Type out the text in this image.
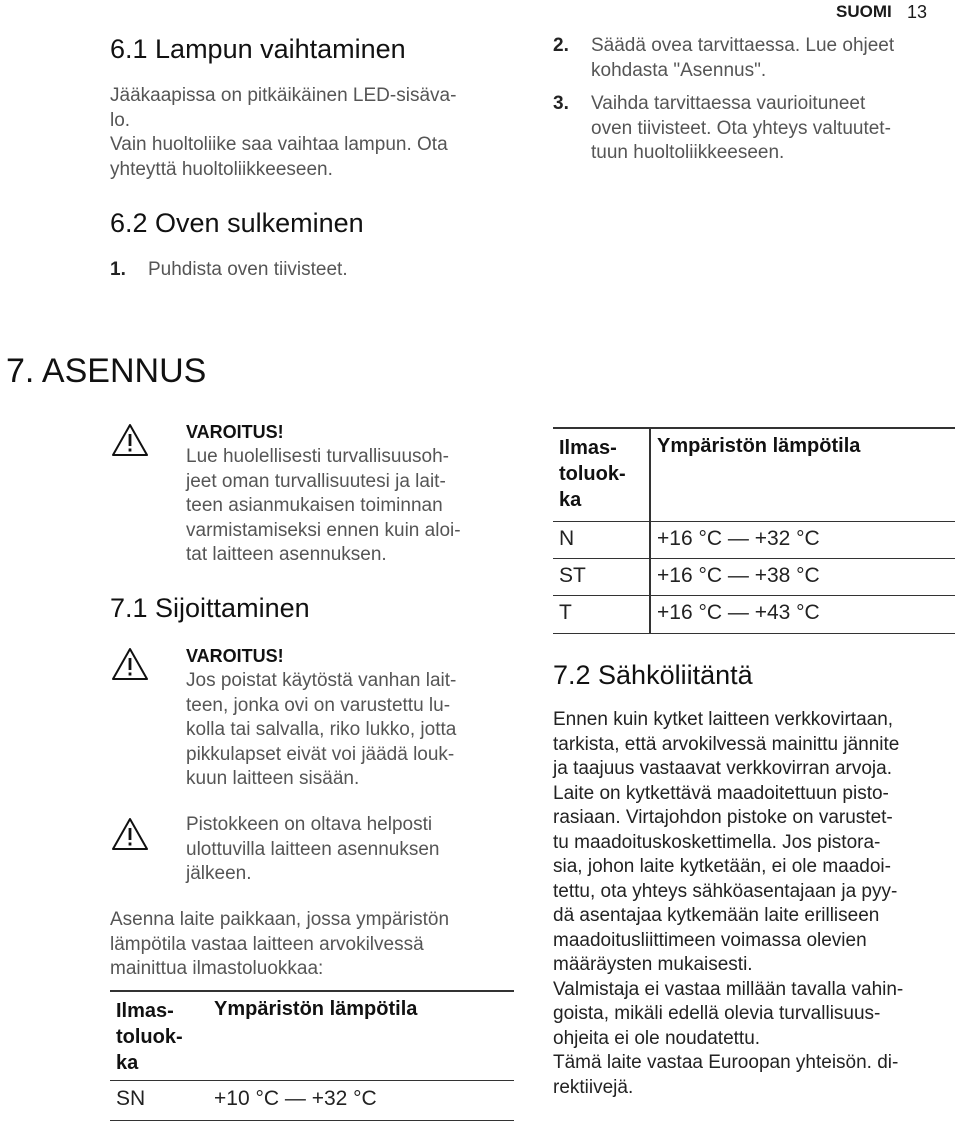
SUOMI 13
6.1 Lampun vaihtaminen
Jääkaapissa on pitkäikäinen LED-sisäva-
lo.
Vain huoltoliike saa vaihtaa lampun. Ota
yhteyttä huoltoliikkeeseen.
6.2 Oven sulkeminen
1. Puhdista oven tiivisteet.
2. Säädä ovea tarvittaessa. Lue ohjeet
kohdasta "Asennus".
3. Vaihda tarvittaessa vaurioituneet
oven tiivisteet. Ota yhteys valtuutet-
tuun huoltoliikkeeseen.
7. ASENNUS
VAROITUS!
Lue huolellisesti turvallisuusoh-
jeet oman turvallisuutesi ja lait-
teen asianmukaisen toiminnan
varmistamiseksi ennen kuin aloi-
tat laitteen asennuksen.
7.1 Sijoittaminen
VAROITUS!
Jos poistat käytöstä vanhan lait-
teen, jonka ovi on varustettu lu-
kolla tai salvalla, riko lukko, jotta
pikkulapset eivät voi jäädä louk-
kuun laitteen sisään.
Pistokkeen on oltava helposti
ulottuvilla laitteen asennuksen
jälkeen.
Asenna laite paikkaan, jossa ympäristön
lämpötila vastaa laitteen arvokilvessä
mainittua ilmastoluokkaa:
Ilmas-
toluok-
ka
Ympäristön lämpötila
SN	+10 °C — +32 °C
Ilmas-
toluok-
ka
Ympäristön lämpötila
N	+16 °C — +32 °C
ST	+16 °C — +38 °C
T	+16 °C — +43 °C
7.2 Sähköliitäntä
Ennen kuin kytket laitteen verkkovirtaan,
tarkista, että arvokilvessä mainittu jännite
ja taajuus vastaavat verkkovirran arvoja.
Laite on kytkettävä maadoitettuun pisto-
rasiaan. Virtajohdon pistoke on varustet-
tu maadoituskoskettimella. Jos pistora-
sia, johon laite kytketään, ei ole maadoi-
tettu, ota yhteys sähköasentajaan ja pyy-
dä asentajaa kytkemään laite erilliseen
maadoitusliittimeen voimassa olevien
määräysten mukaisesti.
Valmistaja ei vastaa millään tavalla vahin-
goista, mikäli edellä olevia turvallisuus-
ohjeita ei ole noudatettu.
Tämä laite vastaa Euroopan yhteisön. di-
rektiivejä.
